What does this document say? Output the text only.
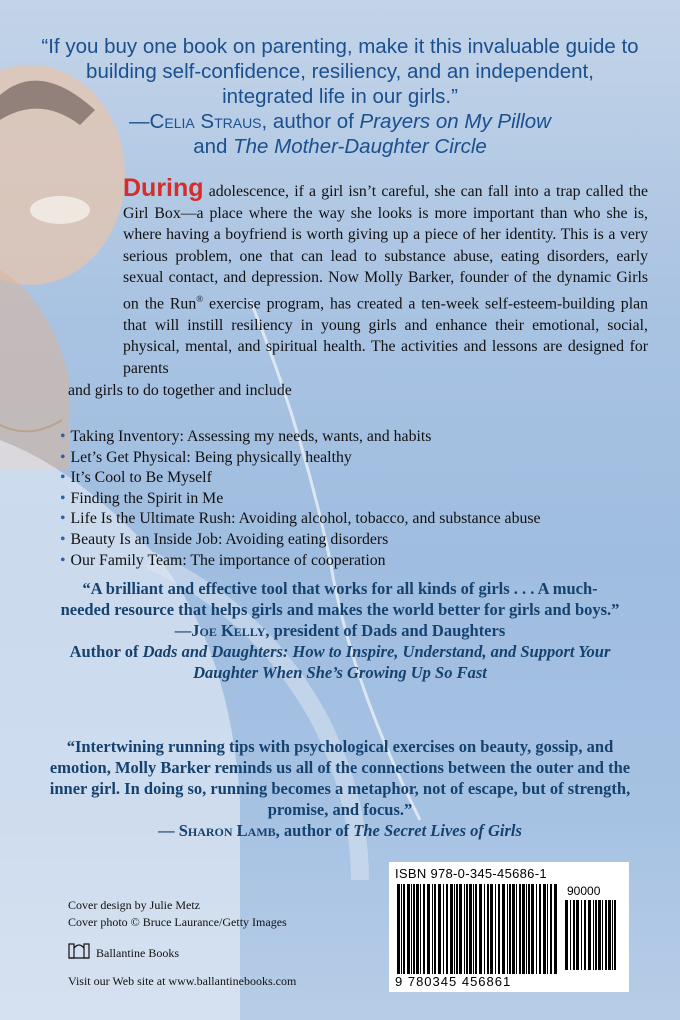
“If you buy one book on parenting, make it this invaluable guide to building self-confidence, resiliency, and an independent, integrated life in our girls.”
—Celia Straus, author of Prayers on My Pillow
and The Mother-Daughter Circle
During adolescence, if a girl isn’t careful, she can fall into a trap called the Girl Box—a place where the way she looks is more important than who she is, where having a boyfriend is worth giving up a piece of her identity. This is a very serious problem, one that can lead to substance abuse, eating disorders, early sexual contact, and depression. Now Molly Barker, founder of the dynamic Girls on the Run® exercise program, has created a ten-week self-esteem-building plan that will instill resiliency in young girls and enhance their emotional, social, physical, mental, and spiritual health. The activities and lessons are designed for parents
and girls to do together and include
• Taking Inventory: Assessing my needs, wants, and habits
• Let’s Get Physical: Being physically healthy
• It’s Cool to Be Myself
• Finding the Spirit in Me
• Life Is the Ultimate Rush: Avoiding alcohol, tobacco, and substance abuse
• Beauty Is an Inside Job: Avoiding eating disorders
• Our Family Team: The importance of cooperation
“A brilliant and effective tool that works for all kinds of girls . . . A much-needed resource that helps girls and makes the world better for girls and boys.”
—Joe Kelly, president of Dads and Daughters
Author of Dads and Daughters: How to Inspire, Understand, and Support Your Daughter When She’s Growing Up So Fast
“Intertwining running tips with psychological exercises on beauty, gossip, and emotion, Molly Barker reminds us all of the connections between the outer and the inner girl. In doing so, running becomes a metaphor, not of escape, but of strength, promise, and focus.”
— Sharon Lamb, author of The Secret Lives of Girls
Cover design by Julie Metz
Cover photo © Bruce Laurance/Getty Images
Ballantine Books
Visit our Web site at www.ballantinebooks.com
ISBN 978-0-345-45686-1
90000
9 780345 456861
